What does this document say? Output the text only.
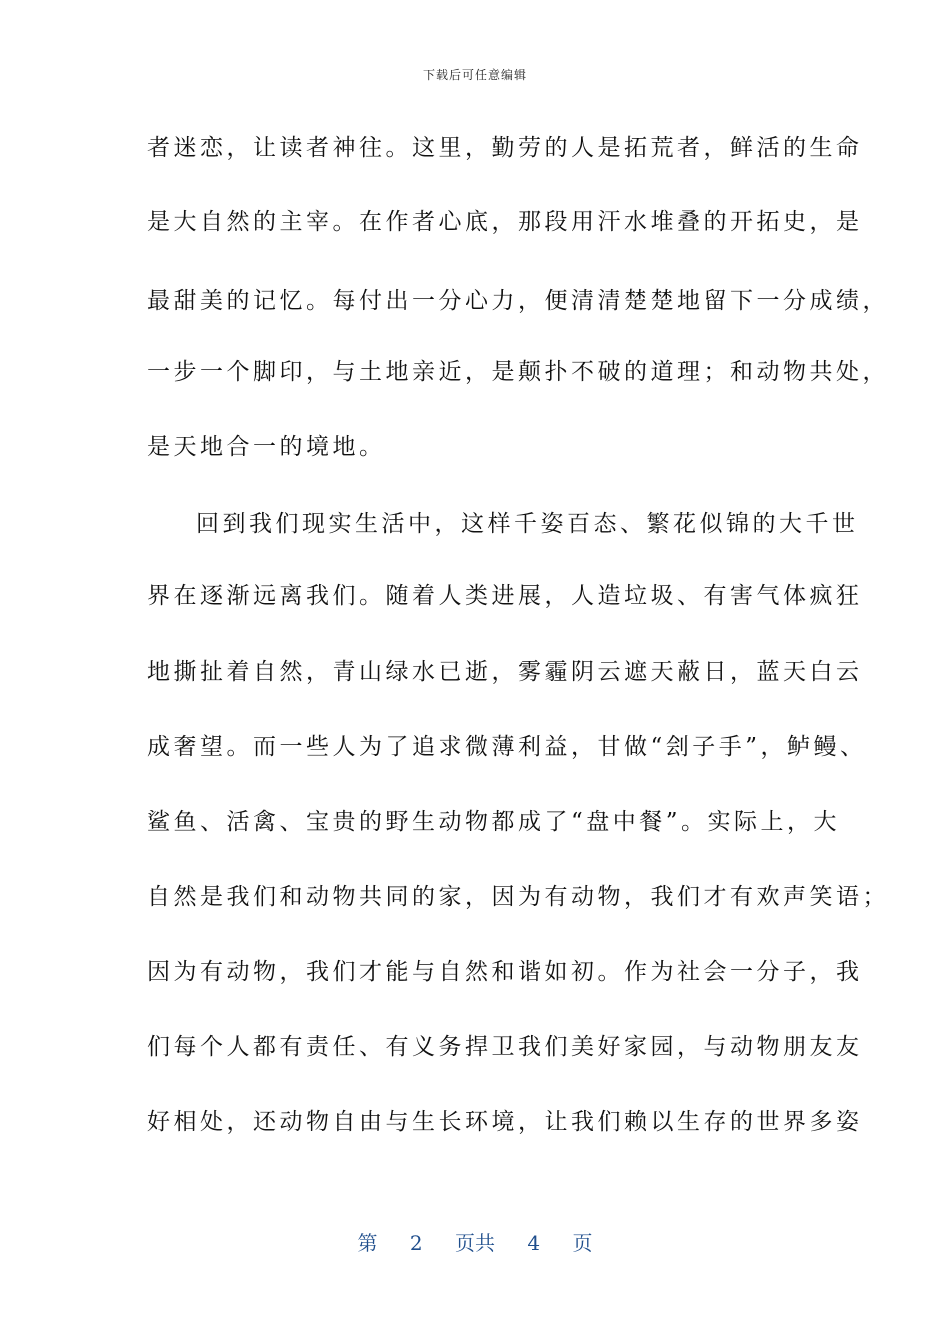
下载后可任意编辑
者迷恋，让读者神往。这里，勤劳的人是拓荒者，鲜活的生命
是大自然的主宰。在作者心底，那段用汗水堆叠的开拓史，是
最甜美的记忆。每付出一分心力，便清清楚楚地留下一分成绩，
一步一个脚印，与土地亲近，是颠扑不破的道理；和动物共处，
是天地合一的境地。
回到我们现实生活中，这样千姿百态、繁花似锦的大千世
界在逐渐远离我们。随着人类进展，人造垃圾、有害气体疯狂
地撕扯着自然，青山绿水已逝，雾霾阴云遮天蔽日，蓝天白云
成奢望。而一些人为了追求微薄利益，甘做“刽子手”，鲈鳗、
鲨鱼、活禽、宝贵的野生动物都成了“盘中餐”。实际上，大
自然是我们和动物共同的家，因为有动物，我们才有欢声笑语；
因为有动物，我们才能与自然和谐如初。作为社会一分子，我
们每个人都有责任、有义务捍卫我们美好家园，与动物朋友友
好相处，还动物自由与生长环境，让我们赖以生存的世界多姿
第 2 页共 4 页
